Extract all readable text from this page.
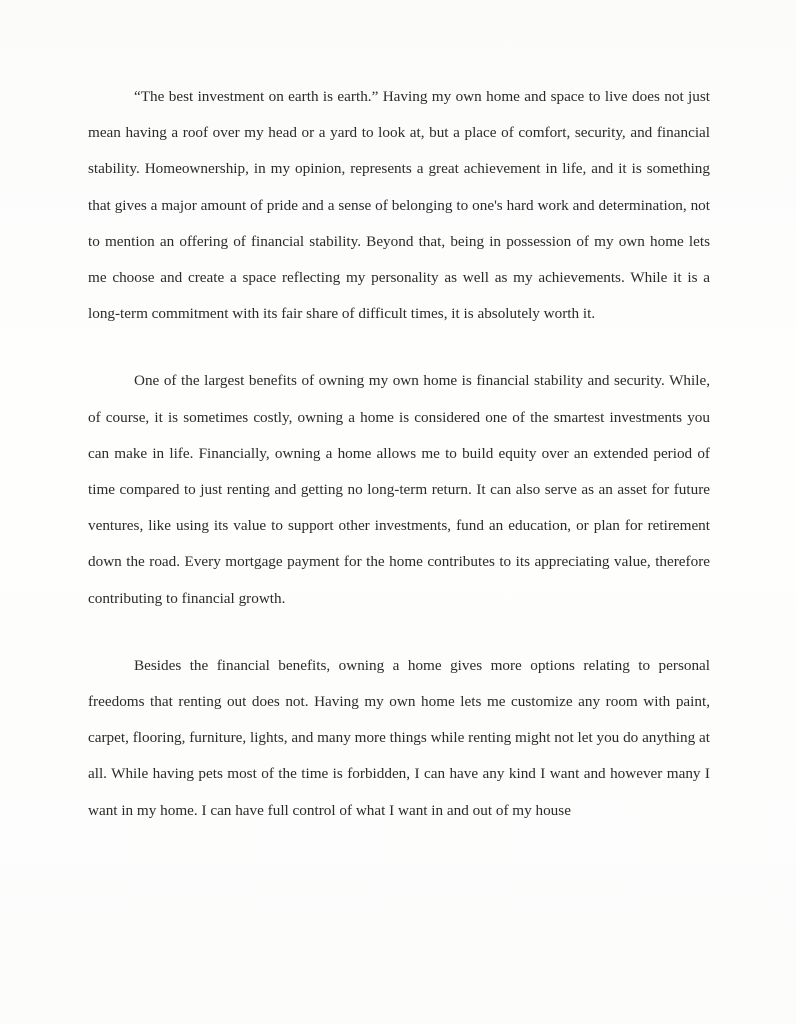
“The best investment on earth is earth.” Having my own home and space to live does not just mean having a roof over my head or a yard to look at, but a place of comfort, security, and financial stability. Homeownership, in my opinion, represents a great achievement in life, and it is something that gives a major amount of pride and a sense of belonging to one's hard work and determination, not to mention an offering of financial stability. Beyond that, being in possession of my own home lets me choose and create a space reflecting my personality as well as my achievements. While it is a long-term commitment with its fair share of difficult times, it is absolutely worth it.

One of the largest benefits of owning my own home is financial stability and security. While, of course, it is sometimes costly, owning a home is considered one of the smartest investments you can make in life. Financially, owning a home allows me to build equity over an extended period of time compared to just renting and getting no long-term return. It can also serve as an asset for future ventures, like using its value to support other investments, fund an education, or plan for retirement down the road. Every mortgage payment for the home contributes to its appreciating value, therefore contributing to financial growth.

Besides the financial benefits, owning a home gives more options relating to personal freedoms that renting out does not. Having my own home lets me customize any room with paint, carpet, flooring, furniture, lights, and many more things while renting might not let you do anything at all. While having pets most of the time is forbidden, I can have any kind I want and however many I want in my home. I can have full control of what I want in and out of my house
